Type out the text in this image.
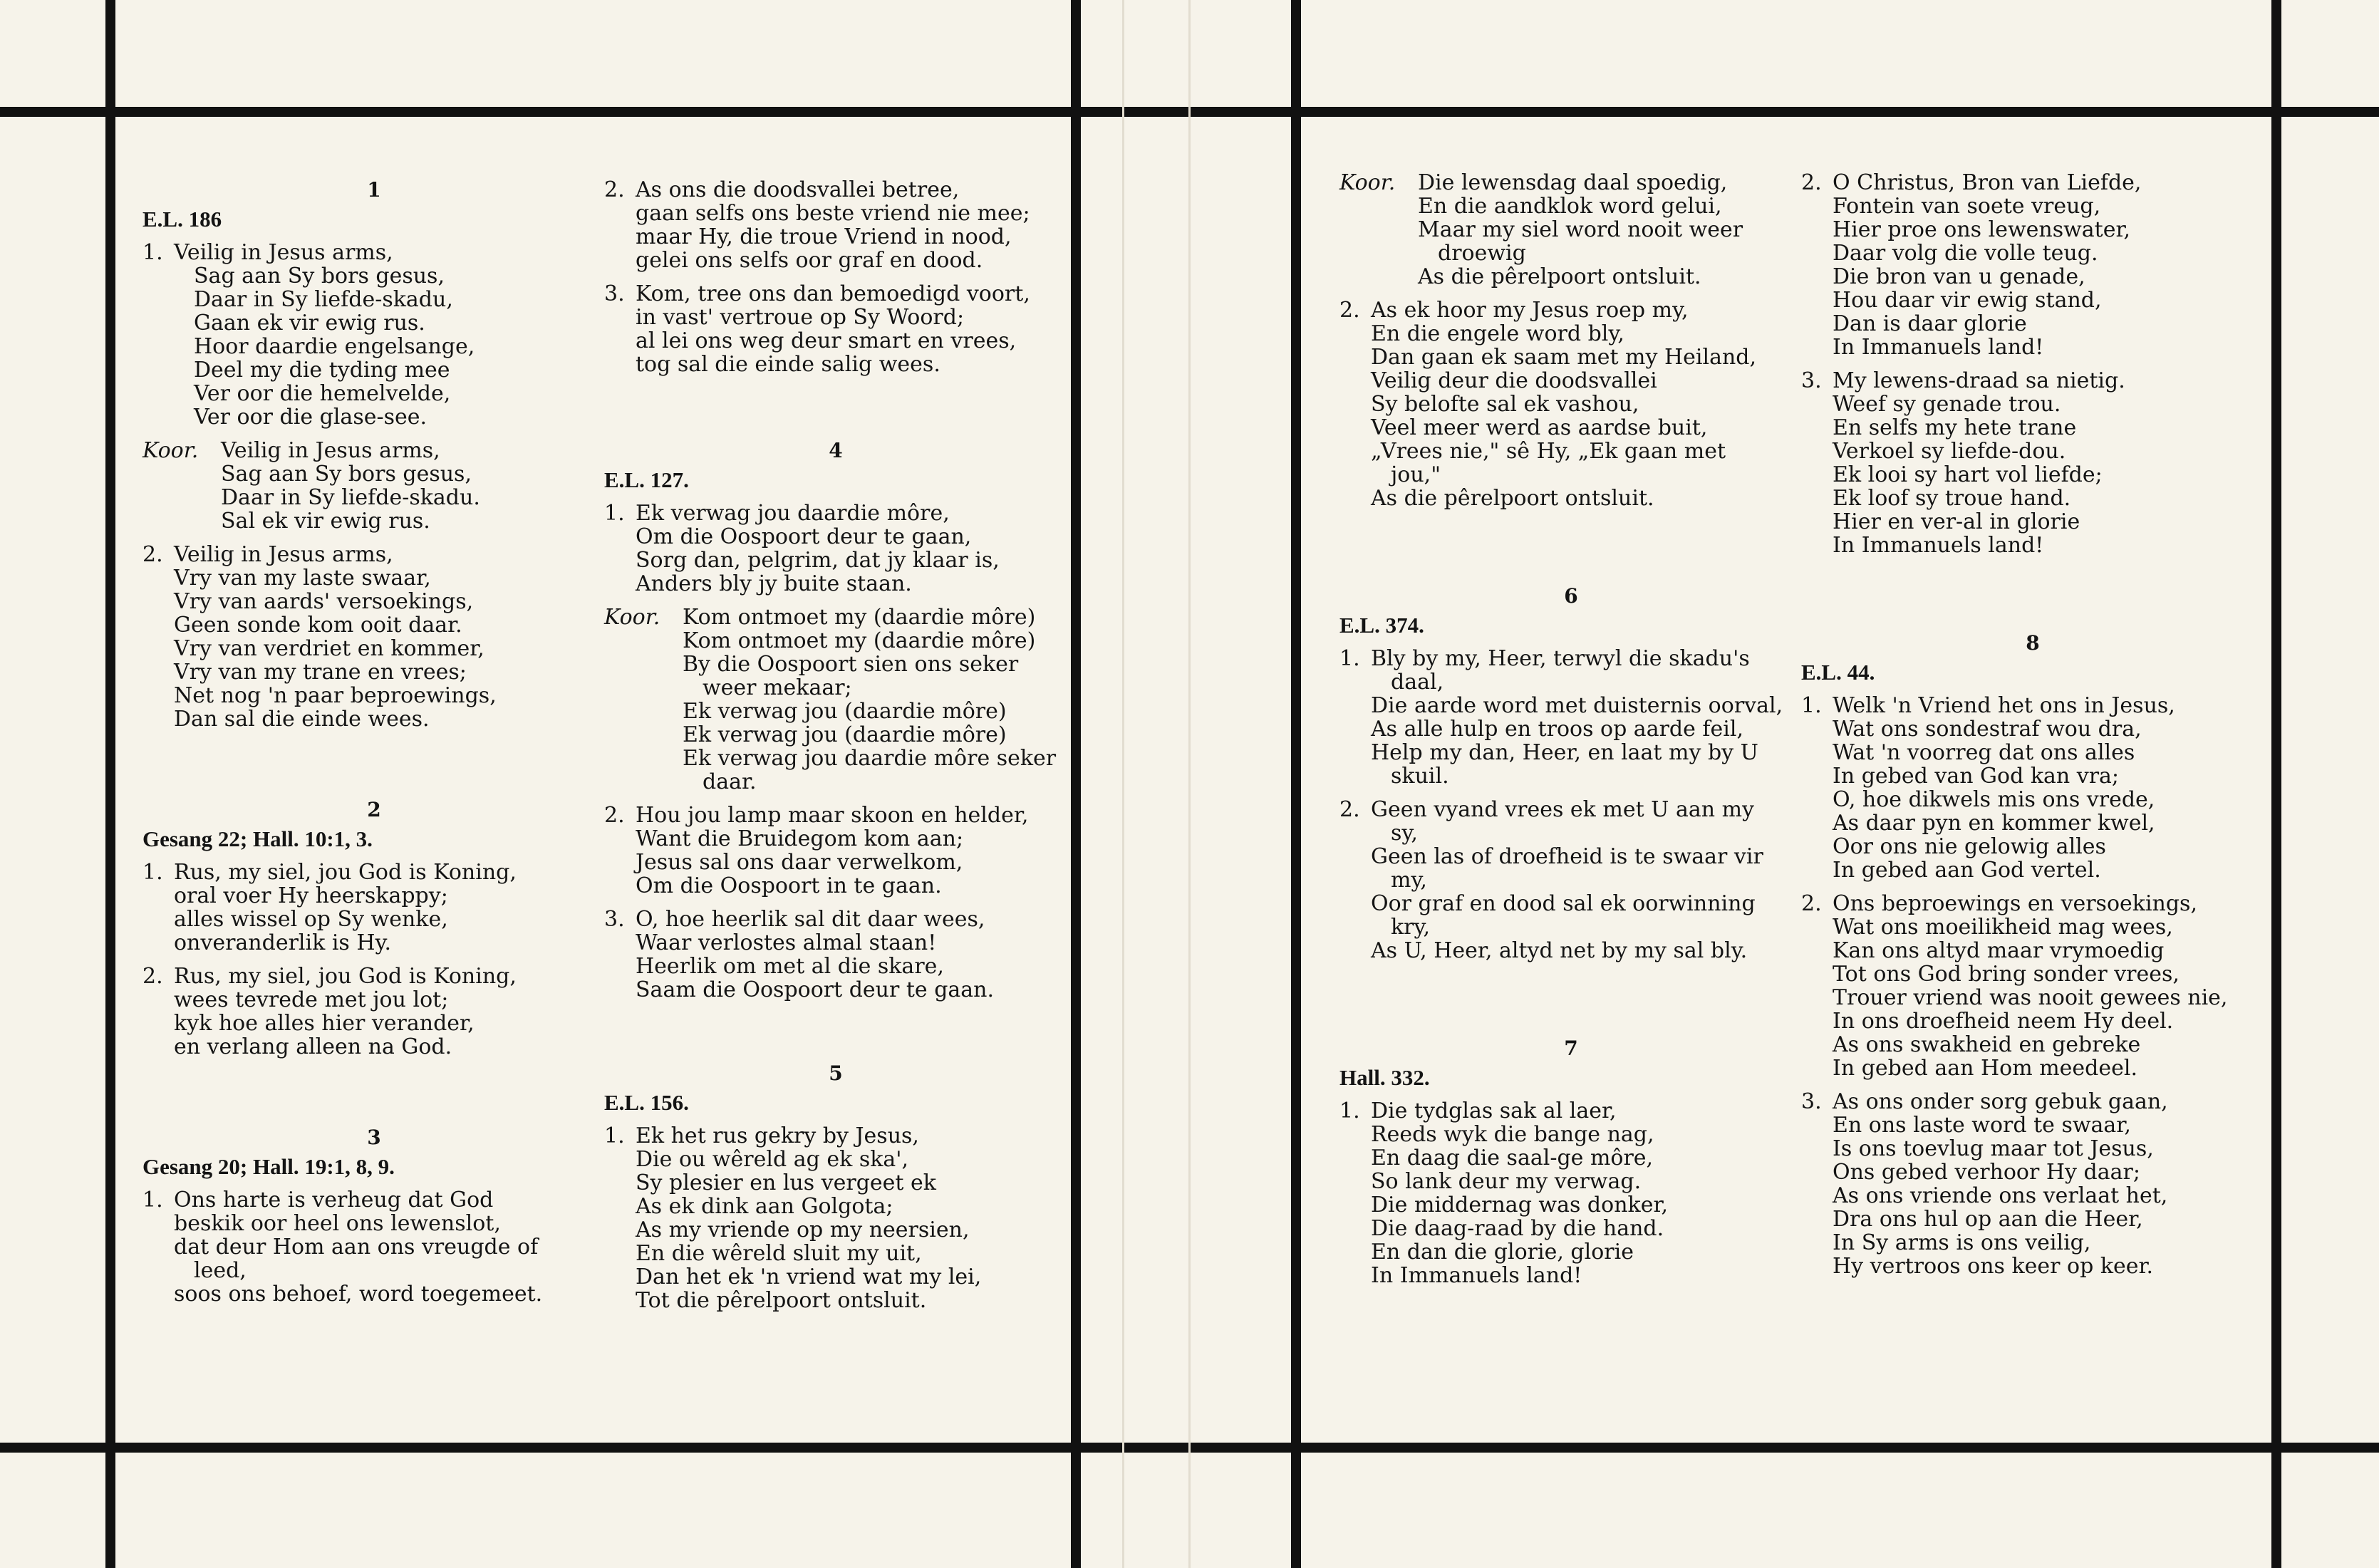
1
E.L. 186
1. Veilig in Jesus arms,
Sag aan Sy bors gesus,
Daar in Sy liefde-skadu,
Gaan ek vir ewig rus.
Hoor daardie engelsange,
Deel my die tyding mee
Ver oor die hemelvelde,
Ver oor die glase-see.
Koor.	Veilig in Jesus arms,
Sag aan Sy bors gesus,
Daar in Sy liefde-skadu.
Sal ek vir ewig rus.
2. Veilig in Jesus arms,
Vry van my laste swaar,
Vry van aards' versoekings,
Geen sonde kom ooit daar.
Vry van verdriet en kommer,
Vry van my trane en vrees;
Net nog 'n paar beproewings,
Dan sal die einde wees.
2
Gesang 22; Hall. 10:1, 3.
1. Rus, my siel, jou God is Koning,
oral voer Hy heerskappy;
alles wissel op Sy wenke,
onveranderlik is Hy.
2. Rus, my siel, jou God is Koning,
wees tevrede met jou lot;
kyk hoe alles hier verander,
en verlang alleen na God.
3
Gesang 20; Hall. 19:1, 8, 9.
1. Ons harte is verheug dat God
beskik oor heel ons lewenslot,
dat deur Hom aan ons vreugde of
leed,
soos ons behoef, word toegemeet.
2. As ons die doodsvallei betree,
gaan selfs ons beste vriend nie mee;
maar Hy, die troue Vriend in nood,
gelei ons selfs oor graf en dood.
3. Kom, tree ons dan bemoedigd voort,
in vast' vertroue op Sy Woord;
al lei ons weg deur smart en vrees,
tog sal die einde salig wees.
4
E.L. 127.
1. Ek verwag jou daardie môre,
Om die Oospoort deur te gaan,
Sorg dan, pelgrim, dat jy klaar is,
Anders bly jy buite staan.
Koor.	Kom ontmoet my (daardie môre)
Kom ontmoet my (daardie môre)
By die Oospoort sien ons seker
weer mekaar;
Ek verwag jou (daardie môre)
Ek verwag jou (daardie môre)
Ek verwag jou daardie môre seker
daar.
2. Hou jou lamp maar skoon en helder,
Want die Bruidegom kom aan;
Jesus sal ons daar verwelkom,
Om die Oospoort in te gaan.
3. O, hoe heerlik sal dit daar wees,
Waar verlostes almal staan!
Heerlik om met al die skare,
Saam die Oospoort deur te gaan.
5
E.L. 156.
1. Ek het rus gekry by Jesus,
Die ou wêreld ag ek ska',
Sy plesier en lus vergeet ek
As ek dink aan Golgota;
As my vriende op my neersien,
En die wêreld sluit my uit,
Dan het ek 'n vriend wat my lei,
Tot die pêrelpoort ontsluit.
Koor.	Die lewensdag daal spoedig,
En die aandklok word gelui,
Maar my siel word nooit weer
droewig
As die pêrelpoort ontsluit.
2. As ek hoor my Jesus roep my,
En die engele word bly,
Dan gaan ek saam met my Heiland,
Veilig deur die doodsvallei
Sy belofte sal ek vashou,
Veel meer werd as aardse buit,
„Vrees nie," sê Hy, „Ek gaan met
jou,"
As die pêrelpoort ontsluit.
6
E.L. 374.
1. Bly by my, Heer, terwyl die skadu's
daal,
Die aarde word met duisternis oorval,
As alle hulp en troos op aarde feil,
Help my dan, Heer, en laat my by U
skuil.
2. Geen vyand vrees ek met U aan my
sy,
Geen las of droefheid is te swaar vir
my,
Oor graf en dood sal ek oorwinning
kry,
As U, Heer, altyd net by my sal bly.
7
Hall. 332.
1. Die tydglas sak al laer,
Reeds wyk die bange nag,
En daag die saal-ge môre,
So lank deur my verwag.
Die middernag was donker,
Die daag-raad by die hand.
En dan die glorie, glorie
In Immanuels land!
2. O Christus, Bron van Liefde,
Fontein van soete vreug,
Hier proe ons lewenswater,
Daar volg die volle teug.
Die bron van u genade,
Hou daar vir ewig stand,
Dan is daar glorie
In Immanuels land!
3. My lewens-draad sa nietig.
Weef sy genade trou.
En selfs my hete trane
Verkoel sy liefde-dou.
Ek looi sy hart vol liefde;
Ek loof sy troue hand.
Hier en ver-al in glorie
In Immanuels land!
8
E.L. 44.
1. Welk 'n Vriend het ons in Jesus,
Wat ons sondestraf wou dra,
Wat 'n voorreg dat ons alles
In gebed van God kan vra;
O, hoe dikwels mis ons vrede,
As daar pyn en kommer kwel,
Oor ons nie gelowig alles
In gebed aan God vertel.
2. Ons beproewings en versoekings,
Wat ons moeilikheid mag wees,
Kan ons altyd maar vrymoedig
Tot ons God bring sonder vrees,
Trouer vriend was nooit gewees nie,
In ons droefheid neem Hy deel.
As ons swakheid en gebreke
In gebed aan Hom meedeel.
3. As ons onder sorg gebuk gaan,
En ons laste word te swaar,
Is ons toevlug maar tot Jesus,
Ons gebed verhoor Hy daar;
As ons vriende ons verlaat het,
Dra ons hul op aan die Heer,
In Sy arms is ons veilig,
Hy vertroos ons keer op keer.
